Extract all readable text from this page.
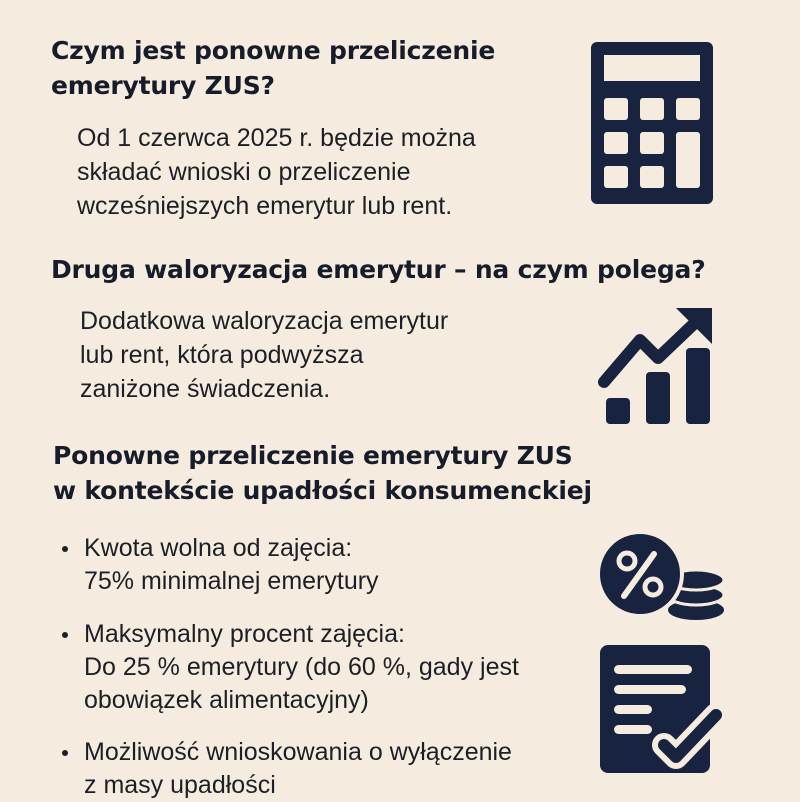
Czym jest ponowne przeliczenie
emerytury ZUS?

Od 1 czerwca 2025 r. będzie można
składać wnioski o przeliczenie
wcześniejszych emerytur lub rent.

Druga waloryzacja emerytur – na czym polega?

Dodatkowa waloryzacja emerytur
lub rent, która podwyższa
zaniżone świadczenia.

Ponowne przeliczenie emerytury ZUS
w kontekście upadłości konsumenckiej
Kwota wolna od zajęcia:
75% minimalnej emerytury
Maksymalny procent zajęcia:
Do 25 % emerytury (do 60 %, gady jest
obowiązek alimentacyjny)
Możliwość wnioskowania o wyłączenie
z masy upadłości
